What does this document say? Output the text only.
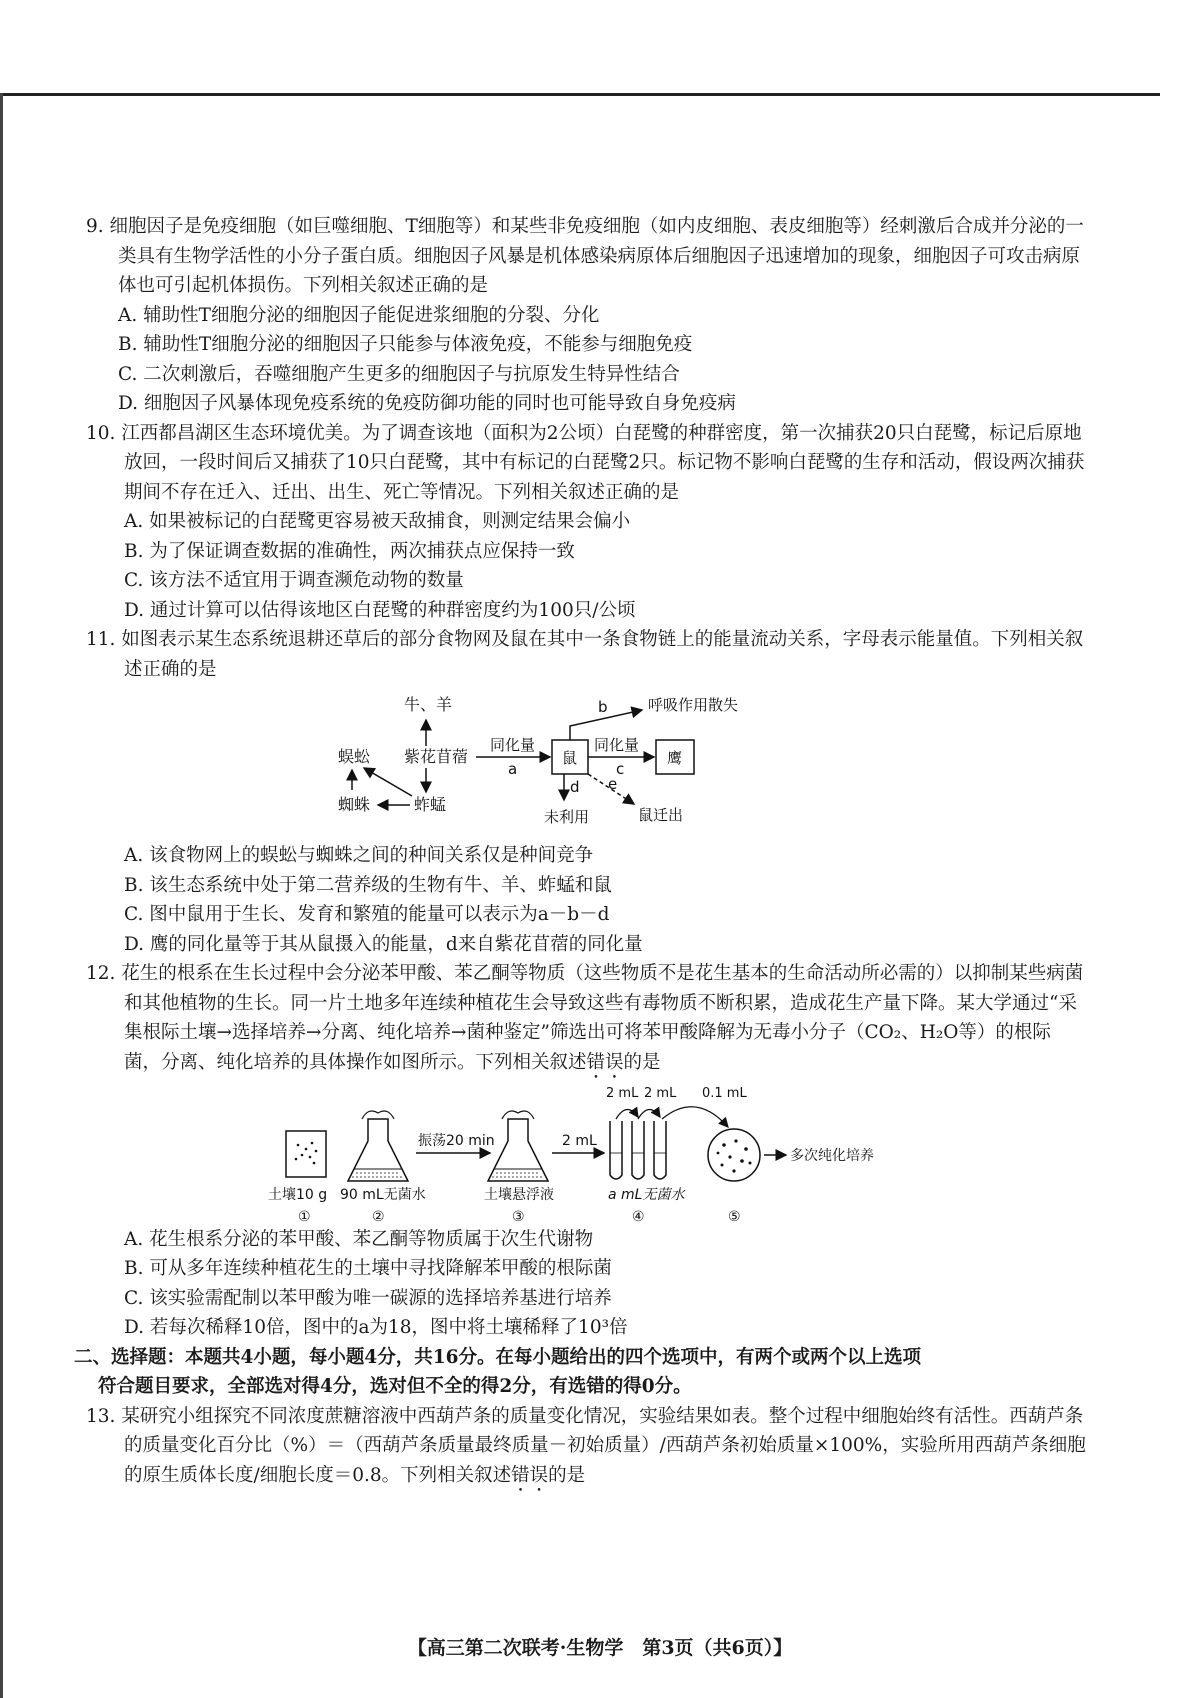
9. 细胞因子是免疫细胞（如巨噬细胞、T细胞等）和某些非免疫细胞（如内皮细胞、表皮细胞等）经刺激后合成并分泌的一类具有生物学活性的小分子蛋白质。细胞因子风暴是机体感染病原体后细胞因子迅速增加的现象，细胞因子可攻击病原体也可引起机体损伤。下列相关叙述正确的是

A. 辅助性T细胞分泌的细胞因子能促进浆细胞的分裂、分化

B. 辅助性T细胞分泌的细胞因子只能参与体液免疫，不能参与细胞免疫

C. 二次刺激后，吞噬细胞产生更多的细胞因子与抗原发生特异性结合

D. 细胞因子风暴体现免疫系统的免疫防御功能的同时也可能导致自身免疫病

10. 江西都昌湖区生态环境优美。为了调查该地（面积为2公顷）白琵鹭的种群密度，第一次捕获20只白琵鹭，标记后原地放回，一段时间后又捕获了10只白琵鹭，其中有标记的白琵鹭2只。标记物不影响白琵鹭的生存和活动，假设两次捕获期间不存在迁入、迁出、出生、死亡等情况。下列相关叙述正确的是

A. 如果被标记的白琵鹭更容易被天敌捕食，则测定结果会偏小

B. 为了保证调查数据的准确性，两次捕获点应保持一致

C. 该方法不适宜用于调查濒危动物的数量

D. 通过计算可以估得该地区白琵鹭的种群密度约为100只/公顷

11. 如图表示某生态系统退耕还草后的部分食物网及鼠在其中一条食物链上的能量流动关系，字母表示能量值。下列相关叙述正确的是

牛、羊
蜈蚣 紫花苜蓿
蜘蛛	蚱蜢
同化量
a
鼠
同化量
c
鹰
b	呼吸作用散失
d
未利用
e
鼠迁出

A. 该食物网上的蜈蚣与蜘蛛之间的种间关系仅是种间竞争

B. 该生态系统中处于第二营养级的生物有牛、羊、蚱蜢和鼠

C. 图中鼠用于生长、发育和繁殖的能量可以表示为a－b－d

D. 鹰的同化量等于其从鼠摄入的能量，d来自紫花苜蓿的同化量

12. 花生的根系在生长过程中会分泌苯甲酸、苯乙酮等物质（这些物质不是花生基本的生命活动所必需的）以抑制某些病菌和其他植物的生长。同一片土地多年连续种植花生会导致这些有毒物质不断积累，造成花生产量下降。某大学通过“采集根际土壤→选择培养→分离、纯化培养→菌种鉴定”筛选出可将苯甲酸降解为无毒小分子（CO₂、H₂O等）的根际菌，分离、纯化培养的具体操作如图所示。下列相关叙述错误的是

土壤10 g
①
90 mL无菌水
②
振荡20 min
土壤悬浮液
③
2 mL
2 mL 2 mL 0.1 mL
a mL无菌水
④	⑤
多次纯化培养

A. 花生根系分泌的苯甲酸、苯乙酮等物质属于次生代谢物

B. 可从多年连续种植花生的土壤中寻找降解苯甲酸的根际菌

C. 该实验需配制以苯甲酸为唯一碳源的选择培养基进行培养

D. 若每次稀释10倍，图中的a为18，图中将土壤稀释了10³倍

二、选择题：本题共4小题，每小题4分，共16分。在每小题给出的四个选项中，有两个或两个以上选项

符合题目要求，全部选对得4分，选对但不全的得2分，有选错的得0分。

13. 某研究小组探究不同浓度蔗糖溶液中西葫芦条的质量变化情况，实验结果如表。整个过程中细胞始终有活性。西葫芦条的质量变化百分比（%）＝（西葫芦条质量最终质量－初始质量）/西葫芦条初始质量×100%，实验所用西葫芦条细胞的原生质体长度/细胞长度＝0.8。下列相关叙述错误的是

【高三第二次联考·生物学　第3页（共6页）】
